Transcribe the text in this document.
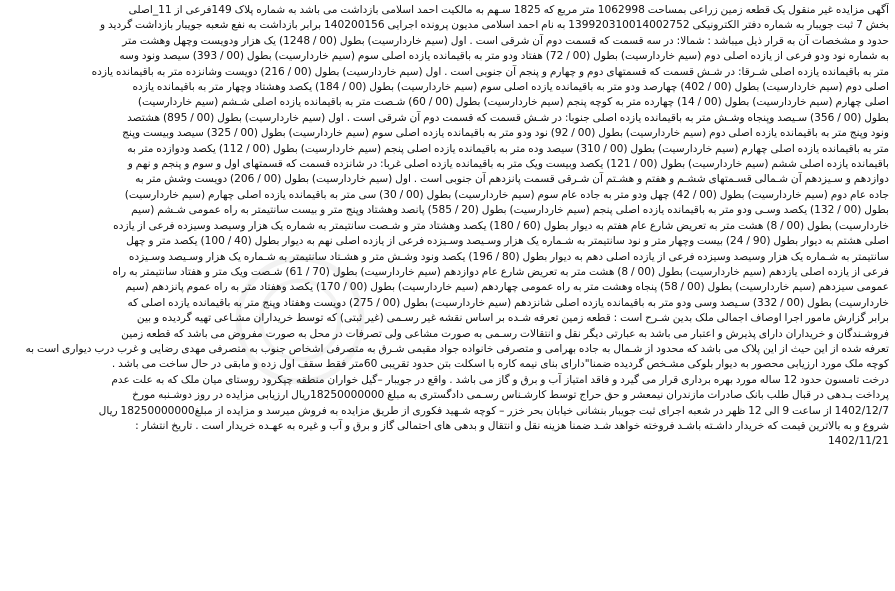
آگهی مزایده غیر منقول یک قطعه زمین زراعی بمساحت 1062998 متر مربع که 1825 سـهم به مالکیت احمد اسلامی بازداشت می باشد به شماره پلاک 149فرعی از 11_اصلی
بخش 7 ثبت جویبار به شماره دفتر الکترونیکی 139920310014002752 به نام احمد اسلامی مدیون پرونده اجرایی 140200156 برابر بازداشت به نفع شعبه جویبار بازداشت گردید و
حدود و مشخصات آن به قرار ذیل میباشد : شمالا: در سه قسمت که قسمت دوم آن شرقی است . اول (سیم خاردارسیت) بطول (00 / 1248) یک هزار ودویست وچهل وهشت متر
به شماره نود ودو فرعی از یازده اصلی دوم (سیم خاردارسیت) بطول (00 / 72) هفتاد ودو متر به باقیمانده یازده اصلی سوم (سیم خاردارسیت) بطول (00 / 393) سیصد ونود وسه
متر به باقیمانده یازده اصلی شـرقا: در شـش قسمت که قسمتهای دوم و چهارم و پنجم آن جنوبی است . اول (سیم خاردارسیت) بطول (00 / 216) دویست وشانزده متر به باقیمانده یازده
اصلی دوم (سیم خاردارسیت) بطول (00 / 402) چهارصد ودو متر به باقیمانده یازده اصلی سوم (سیم خاردارسیت) بطول (00 / 184) یکصد وهشتاد وچهار متر به باقیمانده یازده
اصلی چهارم (سیم خاردارسیت) بطول (00 / 14) چهارده متر به کوچه پنجم (سیم خاردارسیت) بطول (00 / 60) شـصت متر به باقیمانده یازده اصلی شـشم (سیم خاردارسیت)
بطول (00 / 356) سـیصد وپنجاه وشـش متر به باقیمانده یازده اصلی جنوبا: در شـش قسمت که قسمت دوم آن شرقی است . اول (سیم خاردارسیت) بطول (00 / 895) هشتصد
ونود وپنج متر به باقیمانده یازده اصلی دوم (سیم خاردارسیت) بطول (00 / 92) نود ودو متر به باقیمانده یازده اصلی سوم (سیم خاردارسیت) بطول (00 / 325) سیصد وبیست وپنج
متر به باقیمانده یازده اصلی چهارم (سیم خاردارسیت) بطول (00 / 310) سیصد وده متر به باقیمانده یازده اصلی پنجم (سیم خاردارسیت) بطول (00 / 112) یکصد ودوازده متر به
باقیمانده یازده اصلی ششم (سیم خاردارسیت) بطول (00 / 121) یکصد وبیست ویک متر به باقیمانده یازده اصلی غربا: در شانزده قسمت که قسمتهای اول و سوم و پنجم و نهم و
دوازدهم و سـیزدهم آن شـمالی قسـمتهای ششـم و هفتم و هشـتم آن شـرقی قسمت پانزدهم آن جنوبی است . اول (سیم خاردارسیت) بطول (00 / 206) دویست وشش متر به
جاده عام دوم (سیم خاردارسیت) بطول (00 / 42) چهل ودو متر به جاده عام سوم (سیم خاردارسیت) بطول (00 / 30) سی متر به باقیمانده یازده اصلی چهارم (سیم خاردارسیت)
بطول (00 / 132) یکصد وسـی ودو متر به باقیمانده یازده اصلی پنجم (سیم خاردارسیت) بطول (20 / 585) پانصد وهشتاد وپنج متر و بیست سانتیمتر به راه عمومی شـشم (سیم
خاردارسیت) بطول (00 / 8) هشت متر به تعریض شارع عام هفتم به دیوار بطول (60 / 180) یکصد وهشتاد متر و شـصت سانتیمتر به شماره یک هزار وسیصد وسیزده فرعی از یازده
اصلی هشتم به دیوار بطول (90 / 24) بیست وچهار متر و نود سانتیمتر به شـماره یک هزار وسـیصد وسـیزده فرعی از یازده اصلی نهم به دیوار بطول (40 / 100) یکصد متر و چهل
سانتیمتر به شـماره یک هزار وسیصد وسیزده فرعی از یازده اصلی دهم به دیوار بطول (80 / 196) یکصد ونود وشـش متر و هشـتاد سانتیمتر به شـماره یک هزار وسـیصد وسـیزده
فرعی از یازده اصلی یازدهم (سیم خاردارسیت) بطول (00 / 8) هشت متر به تعریض شارع عام دوازدهم (سیم خاردارسیت) بطول (70 / 61) شـصت ویک متر و هفتاد سانتیمتر به راه
عمومی سیزدهم (سیم خاردارسیت) بطول (00 / 58) پنجاه وهشت متر به راه عمومی چهاردهم (سیم خاردارسیت) بطول (00 / 170) یکصد وهفتاد متر به راه عموم پانزدهم (سیم
خاردارسیت) بطول (00 / 332) سـیصد وسی ودو متر به باقیمانده یازده اصلی شانزدهم (سیم خاردارسیت) بطول (00 / 275) دویست وهفتاد وپنج متر به باقیمانده یازده اصلی که
برابر گزارش مامور اجرا اوصاف اجمالی ملک بدین شـرح است : قطعه زمین تعرفه شـده بر اساس نقشه غیر رسـمی (غیر ثبتی) که توسط خریداران مشـاعی تهیه گردیده و بین
فروشـندگان و خریداران دارای پذیرش و اعتبار می باشد به عبارتی دیگر نقل و انتقالات رسـمی به صورت مشاعی ولی تصرفات در محل به صورت مفروض می باشد که قطعه زمین
تعرفه شده از این حیث از این پلاک می باشد که محدود از شـمال به جاده بهرامی و متصرفی خانواده جواد مقیمی شـرق به متصرفی اشخاص جنوب به متصرفی مهدی رضایی و غرب درب دیواری است به
کوچه ملک مورد ارزیابی محصور به دیوار بلوکی مشـخص گردیده ضمنا"دارای بنای نیمه کاره با اسکلت بتن حدود تقریبی 60متر فقط سقف اول زده و مابقی در حال ساخت می باشد .
درخت تامسون حدود 12 ساله مورد بهره برداری قرار می گیرد و فاقد امتیاز آب و برق و گاز می باشد . واقع در جویبار –گیل خواران منطقه چپکرود روستای میان ملک که به علت عدم
پرداخت بـدهی در قبال طلب بانک صادرات مازندران نیمعشر و حق حراج توسط کارشـناس رسـمی دادگستری به مبلغ 18250000000ریال ارزیابی مزایده در روز دوشـنبه مورخ
1402/12/7 از ساعت 9 الی 12 ظهر در شعبه اجرای ثبت جویبار بنشانی خیابان بحر خزر – کوچه شـهید فکوری از طریق مزایده به فروش میرسد و مزایده از مبلغ18250000000 ریال
شروع و به بالاترین قیمت که خریدار داشـته باشـد فروخته خواهد شـد ضمنا هزینه نقل و انتقال و بدهی های احتمالی گاز و برق و آب و غیره به عهـده خریدار است . تاریخ انتشار :
1402/11/21
